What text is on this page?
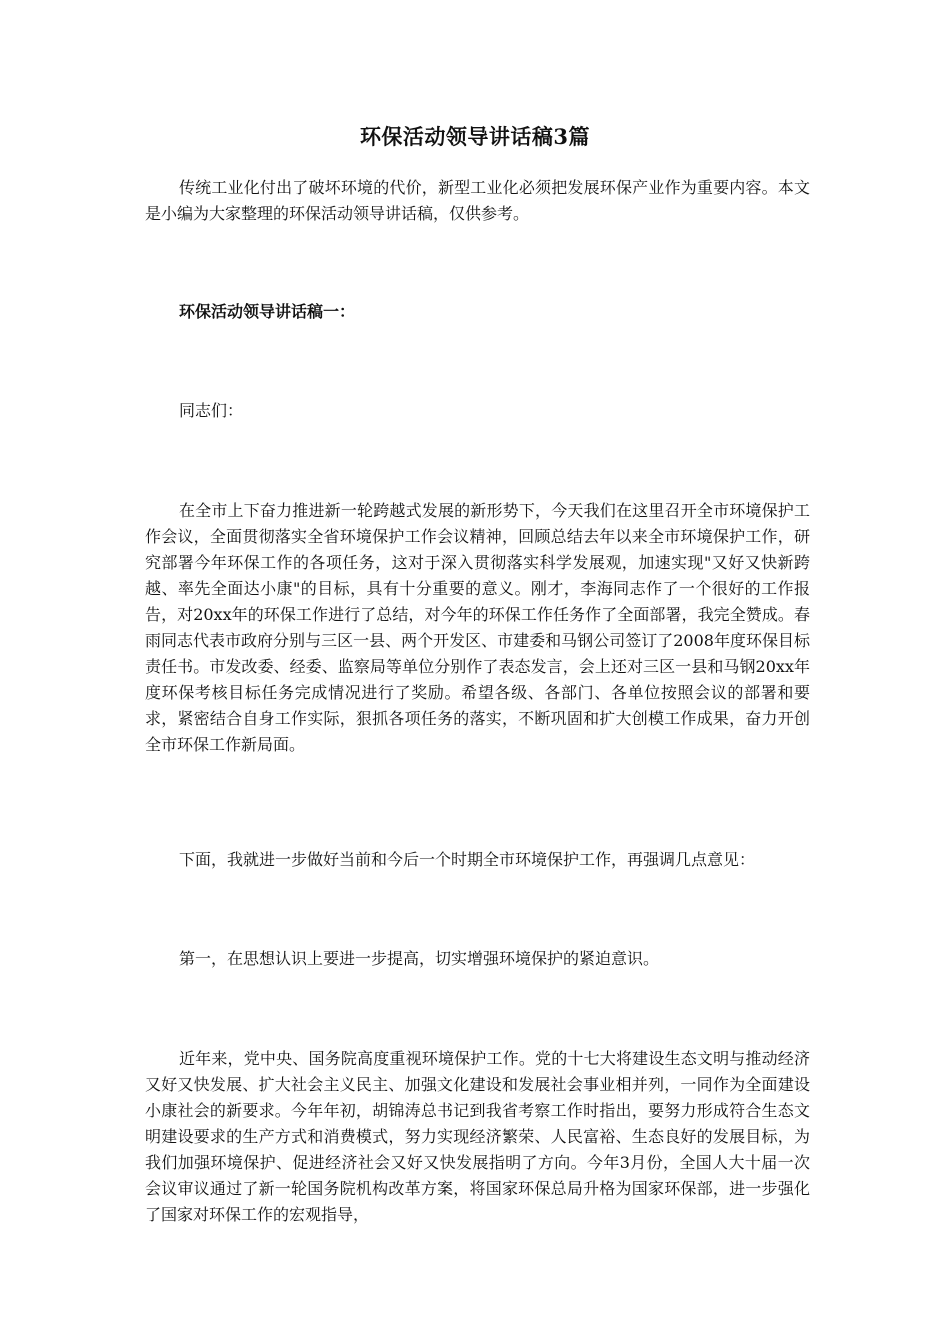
环保活动领导讲话稿3篇
传统工业化付出了破坏环境的代价，新型工业化必须把发展环保产业作为重要内容。本文是小编为大家整理的环保活动领导讲话稿，仅供参考。
环保活动领导讲话稿一：
同志们：
在全市上下奋力推进新一轮跨越式发展的新形势下，今天我们在这里召开全市环境保护工作会议，全面贯彻落实全省环境保护工作会议精神，回顾总结去年以来全市环境保护工作，研究部署今年环保工作的各项任务，这对于深入贯彻落实科学发展观，加速实现"又好又快新跨越、率先全面达小康"的目标，具有十分重要的意义。刚才，李海同志作了一个很好的工作报告，对20xx年的环保工作进行了总结，对今年的环保工作任务作了全面部署，我完全赞成。春雨同志代表市政府分别与三区一县、两个开发区、市建委和马钢公司签订了2008年度环保目标责任书。市发改委、经委、监察局等单位分别作了表态发言，会上还对三区一县和马钢20xx年度环保考核目标任务完成情况进行了奖励。希望各级、各部门、各单位按照会议的部署和要求，紧密结合自身工作实际，狠抓各项任务的落实，不断巩固和扩大创模工作成果，奋力开创全市环保工作新局面。
下面，我就进一步做好当前和今后一个时期全市环境保护工作，再强调几点意见：
第一，在思想认识上要进一步提高，切实增强环境保护的紧迫意识。
近年来，党中央、国务院高度重视环境保护工作。党的十七大将建设生态文明与推动经济又好又快发展、扩大社会主义民主、加强文化建设和发展社会事业相并列，一同作为全面建设小康社会的新要求。今年年初，胡锦涛总书记到我省考察工作时指出，要努力形成符合生态文明建设要求的生产方式和消费模式，努力实现经济繁荣、人民富裕、生态良好的发展目标，为我们加强环境保护、促进经济社会又好又快发展指明了方向。今年3月份，全国人大十届一次会议审议通过了新一轮国务院机构改革方案，将国家环保总局升格为国家环保部，进一步强化了国家对环保工作的宏观指导，
